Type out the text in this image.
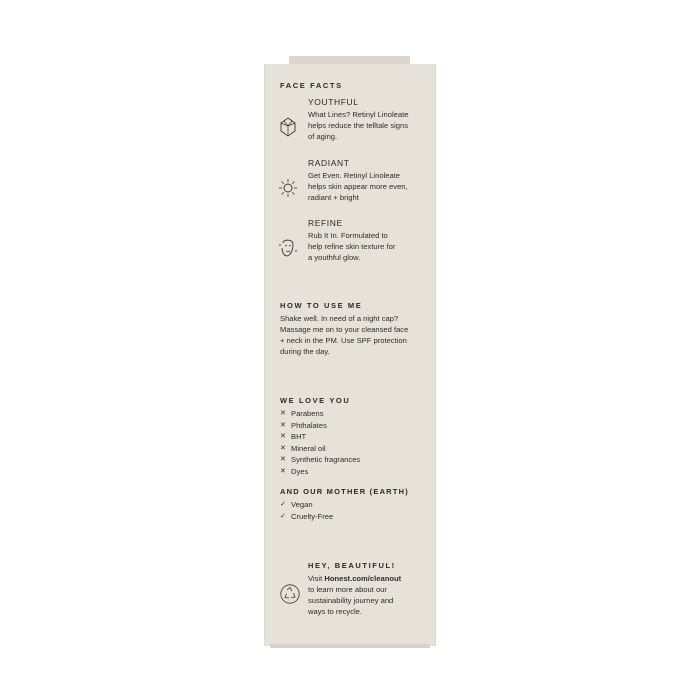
FACE FACTS
YOUTHFUL
What Lines? Retinyl Linoleate
helps reduce the telltale signs
of aging.
RADIANT
Get Even. Retinyl Linoleate
helps skin appear more even,
radiant + bright
REFINE
Rub It In. Formulated to
help refine skin texture for
a youthful glow.
HOW TO USE ME
Shake well. In need of a night cap?
Massage me on to your cleansed face
+ neck in the PM. Use SPF protection
during the day.
WE LOVE YOU
✕ Parabens
✕ Phthalates
✕ BHT
✕ Mineral oil
✕ Synthetic fragrances
✕ Dyes
AND OUR MOTHER (EARTH)
✓ Vegan
✓ Cruelty-Free
HEY, BEAUTIFUL!
Visit Honest.com/cleanout
to learn more about our
sustainability journey and
ways to recycle.
